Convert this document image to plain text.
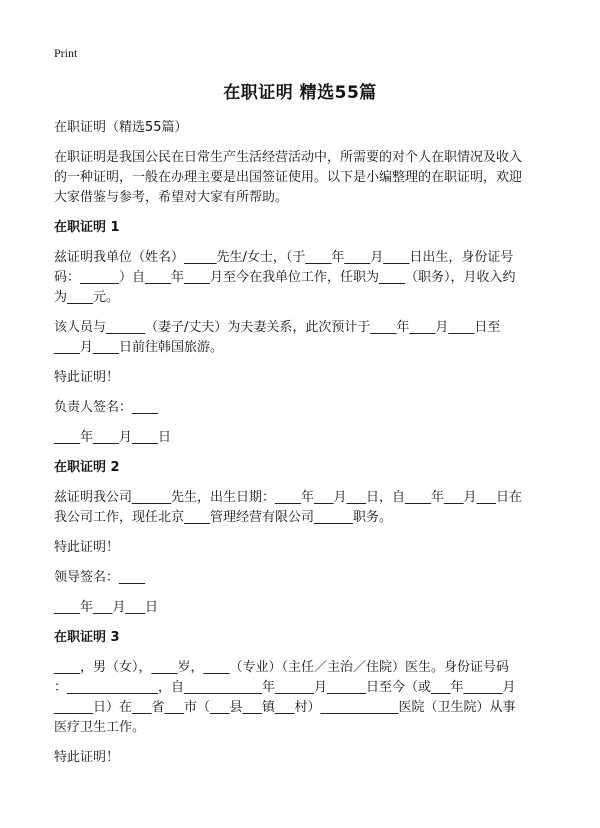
Print
在职证明 精选55篇

在职证明（精选55篇）

在职证明是我国公民在日常生产生活经营活动中，所需要的对个人在职情况及收入
的一种证明，一般在办理主要是出国签证使用。以下是小编整理的在职证明，欢迎
大家借鉴与参考，希望对大家有所帮助。

在职证明 1

兹证明我单位（姓名）_____先生/女士，（于____年____月____日出生，身份证号
码：______）自____年____月至今在我单位工作，任职为____（职务），月收入约
为____元。

该人员与______（妻子/丈夫）为夫妻关系，此次预计于____年____月____日至
____月____日前往韩国旅游。

特此证明！

负责人签名：____

____年____月____日

在职证明 2

兹证明我公司______先生，出生日期：____年___月___日，自____年___月___日在
我公司工作，现任北京____管理经营有限公司______职务。

特此证明！

领导签名：____

____年___月___日

在职证明 3

____，男（女），____岁，____（专业）（主任／主治／住院）医生。身份证号码
：______________，自____________年______月______日至今（或___年______月
______日）在___省___市（___县___镇___村）____________医院（卫生院）从事
医疗卫生工作。

特此证明！
